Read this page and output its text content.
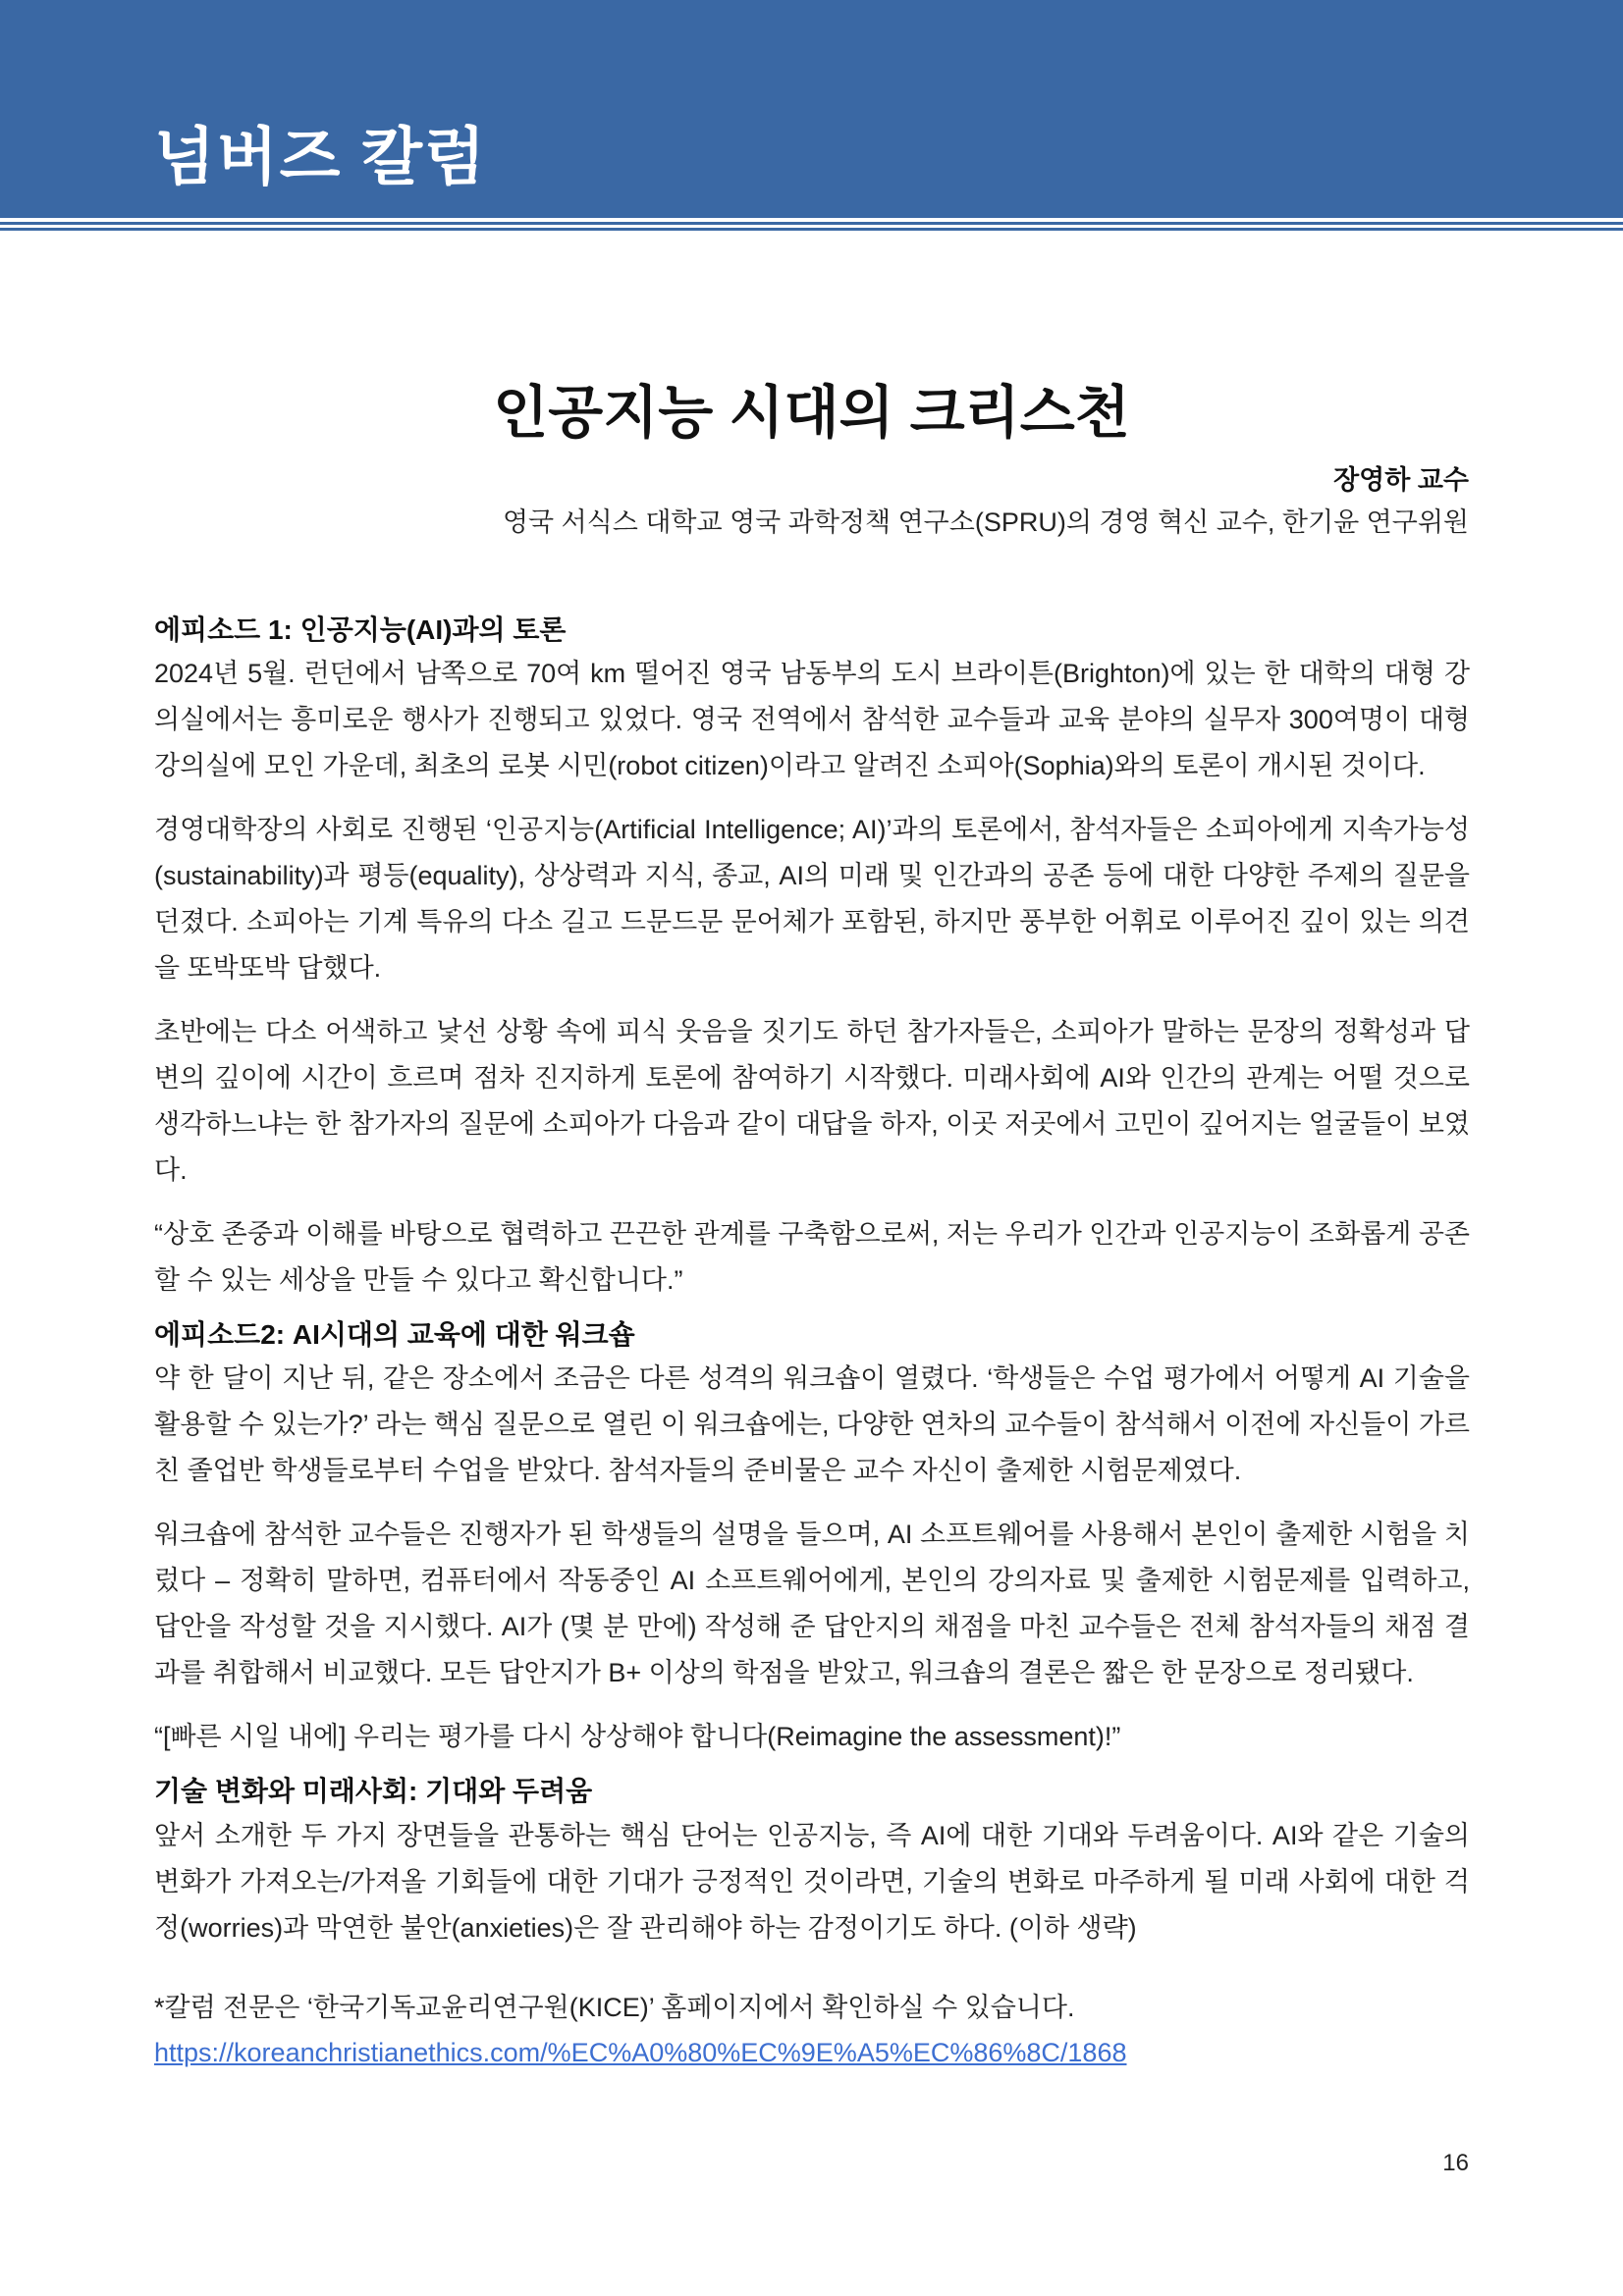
넘버즈 칼럼
인공지능 시대의 크리스천
장영하 교수
영국 서식스 대학교 영국 과학정책 연구소(SPRU)의 경영 혁신 교수, 한기윤 연구위원
에피소드 1: 인공지능(AI)과의 토론

2024년 5월. 런던에서 남쪽으로 70여 km 떨어진 영국 남동부의 도시 브라이튼(Brighton)에 있는 한 대학의 대형 강의실에서는 흥미로운 행사가 진행되고 있었다. 영국 전역에서 참석한 교수들과 교육 분야의 실무자 300여명이 대형 강의실에 모인 가운데, 최초의 로봇 시민(robot citizen)이라고 알려진 소피아(Sophia)와의 토론이 개시된 것이다.

경영대학장의 사회로 진행된 ‘인공지능(Artificial Intelligence; AI)’과의 토론에서, 참석자들은 소피아에게 지속가능성(sustainability)과 평등(equality), 상상력과 지식, 종교, AI의 미래 및 인간과의 공존 등에 대한 다양한 주제의 질문을 던졌다. 소피아는 기계 특유의 다소 길고 드문드문 문어체가 포함된, 하지만 풍부한 어휘로 이루어진 깊이 있는 의견을 또박또박 답했다.

초반에는 다소 어색하고 낯선 상황 속에 피식 웃음을 짓기도 하던 참가자들은, 소피아가 말하는 문장의 정확성과 답변의 깊이에 시간이 흐르며 점차 진지하게 토론에 참여하기 시작했다. 미래사회에 AI와 인간의 관계는 어떨 것으로 생각하느냐는 한 참가자의 질문에 소피아가 다음과 같이 대답을 하자, 이곳 저곳에서 고민이 깊어지는 얼굴들이 보였다.

“상호 존중과 이해를 바탕으로 협력하고 끈끈한 관계를 구축함으로써, 저는 우리가 인간과 인공지능이 조화롭게 공존할 수 있는 세상을 만들 수 있다고 확신합니다.”

에피소드2: AI시대의 교육에 대한 워크숍

약 한 달이 지난 뒤, 같은 장소에서 조금은 다른 성격의 워크숍이 열렸다. ‘학생들은 수업 평가에서 어떻게 AI 기술을 활용할 수 있는가?’ 라는 핵심 질문으로 열린 이 워크숍에는, 다양한 연차의 교수들이 참석해서 이전에 자신들이 가르친 졸업반 학생들로부터 수업을 받았다. 참석자들의 준비물은 교수 자신이 출제한 시험문제였다.

워크숍에 참석한 교수들은 진행자가 된 학생들의 설명을 들으며, AI 소프트웨어를 사용해서 본인이 출제한 시험을 치렀다 – 정확히 말하면, 컴퓨터에서 작동중인 AI 소프트웨어에게, 본인의 강의자료 및 출제한 시험문제를 입력하고, 답안을 작성할 것을 지시했다. AI가 (몇 분 만에) 작성해 준 답안지의 채점을 마친 교수들은 전체 참석자들의 채점 결과를 취합해서 비교했다. 모든 답안지가 B+ 이상의 학점을 받았고, 워크숍의 결론은 짧은 한 문장으로 정리됐다.

“[빠른 시일 내에] 우리는 평가를 다시 상상해야 합니다(Reimagine the assessment)!”

기술 변화와 미래사회: 기대와 두려움

앞서 소개한 두 가지 장면들을 관통하는 핵심 단어는 인공지능, 즉 AI에 대한 기대와 두려움이다. AI와 같은 기술의 변화가 가져오는/가져올 기회들에 대한 기대가 긍정적인 것이라면, 기술의 변화로 마주하게 될 미래 사회에 대한 걱정(worries)과 막연한 불안(anxieties)은 잘 관리해야 하는 감정이기도 하다. (이하 생략)

*칼럼 전문은 ‘한국기독교윤리연구원(KICE)’ 홈페이지에서 확인하실 수 있습니다.
https://koreanchristianethics.com/%EC%A0%80%EC%9E%A5%EC%86%8C/1868
16
